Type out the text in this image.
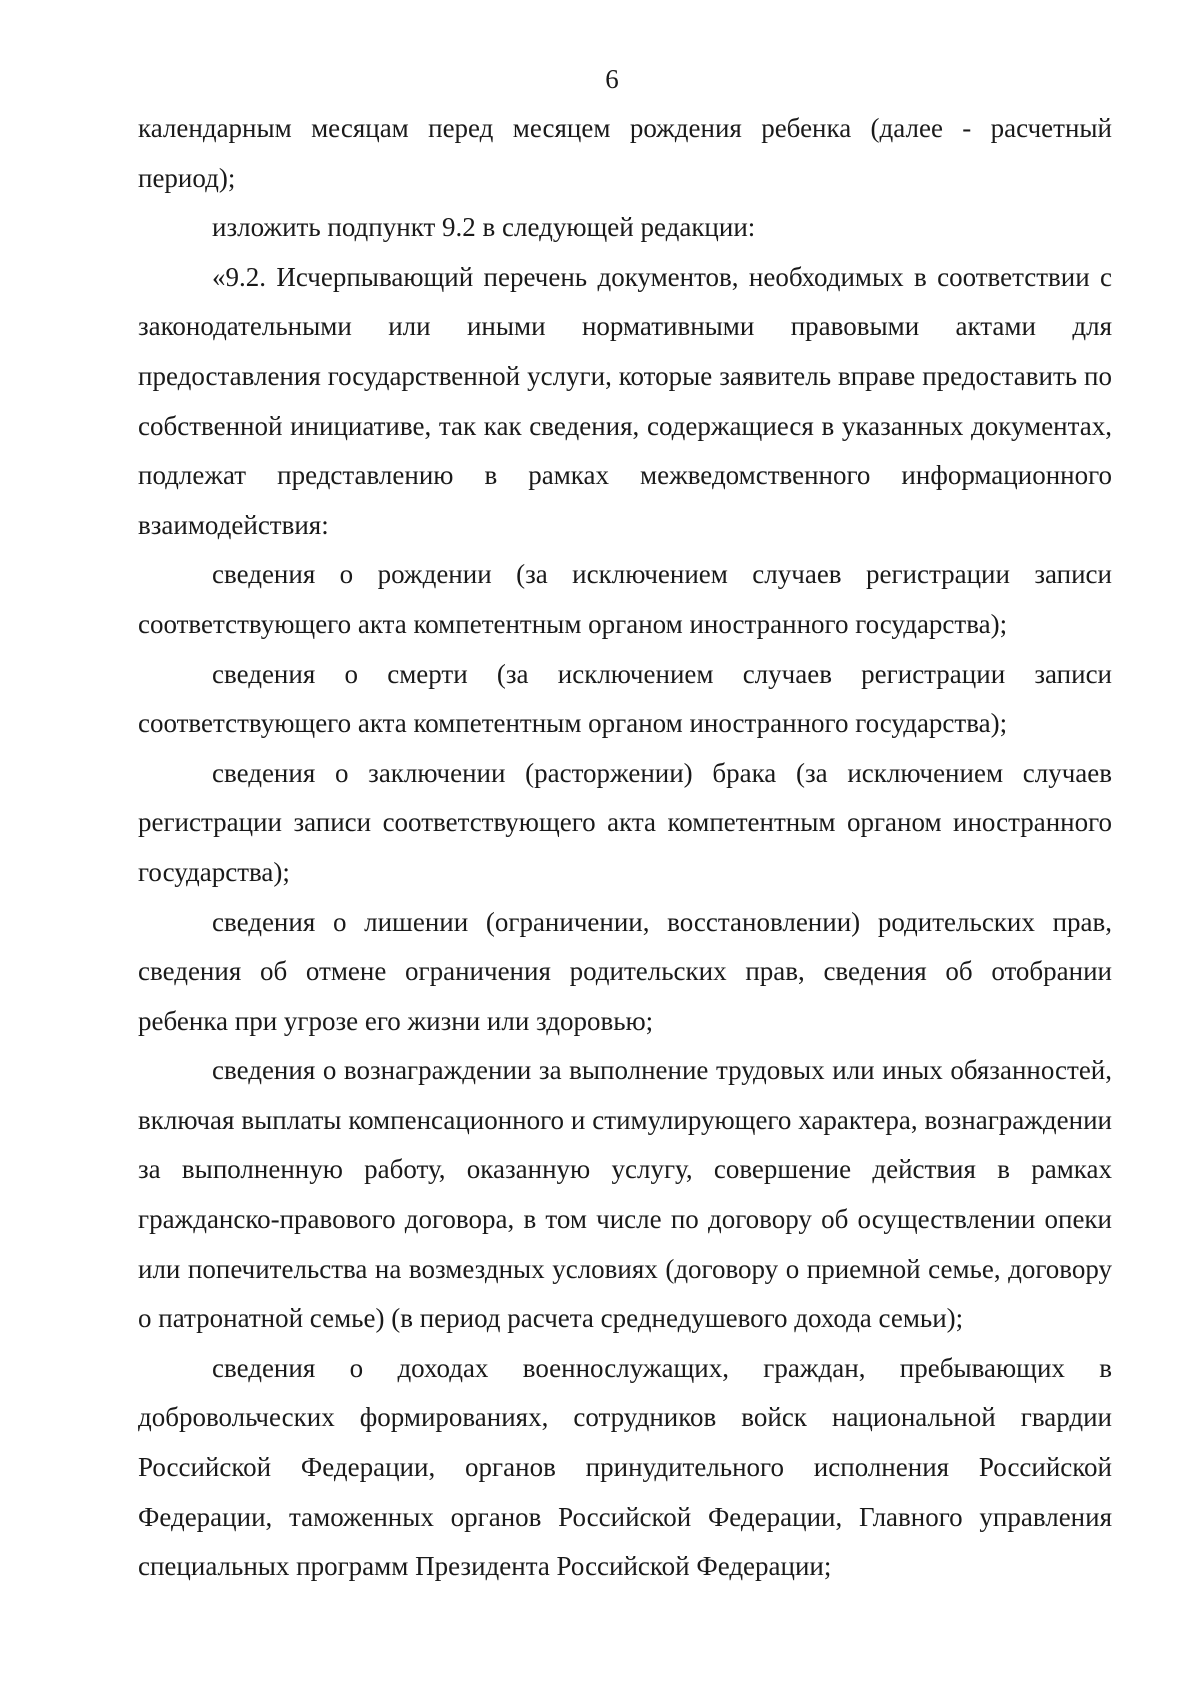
6

календарным месяцам перед месяцем рождения ребенка (далее - расчетный период);

изложить подпункт 9.2 в следующей редакции:

«9.2. Исчерпывающий перечень документов, необходимых в соответствии с законодательными или иными нормативными правовыми актами для предоставления государственной услуги, которые заявитель вправе предоставить по собственной инициативе, так как сведения, содержащиеся в указанных документах, подлежат представлению в рамках межведомственного информационного взаимодействия:

сведения о рождении (за исключением случаев регистрации записи соответствующего акта компетентным органом иностранного государства);

сведения о смерти (за исключением случаев регистрации записи соответствующего акта компетентным органом иностранного государства);

сведения о заключении (расторжении) брака (за исключением случаев регистрации записи соответствующего акта компетентным органом иностранного государства);

сведения о лишении (ограничении, восстановлении) родительских прав, сведения об отмене ограничения родительских прав, сведения об отобрании ребенка при угрозе его жизни или здоровью;

сведения о вознаграждении за выполнение трудовых или иных обязанностей, включая выплаты компенсационного и стимулирующего характера, вознаграждении за выполненную работу, оказанную услугу, совершение действия в рамках гражданско-правового договора, в том числе по договору об осуществлении опеки или попечительства на возмездных условиях (договору о приемной семье, договору о патронатной семье) (в период расчета среднедушевого дохода семьи);

сведения о доходах военнослужащих, граждан, пребывающих в добровольческих формированиях, сотрудников войск национальной гвардии Российской Федерации, органов принудительного исполнения Российской Федерации, таможенных органов Российской Федерации, Главного управления специальных программ Президента Российской Федерации;
